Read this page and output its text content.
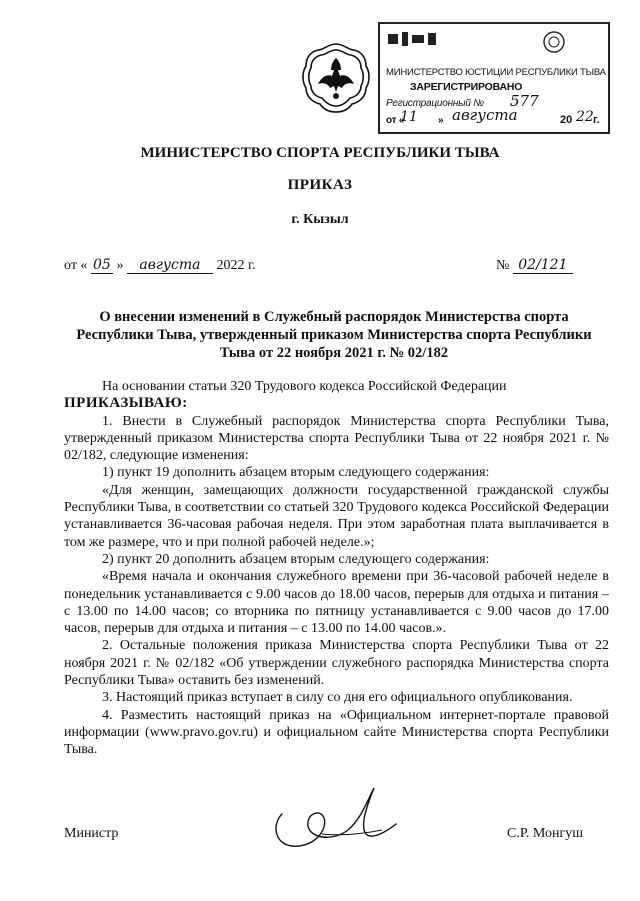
МИНИСТЕРСТВО ЮСТИЦИИ РЕСПУБЛИКИ ТЫВА
ЗАРЕГИСТРИРОВАНО
Регистрационный № 577
от «
11 » августа	20 22 г.
МИНИСТЕРСТВО СПОРТА РЕСПУБЛИКИ ТЫВА
ПРИКАЗ
г. Кызыл
от « 05 » августа 2022 г.	№ 02/121
О внесении изменений в Служебный распорядок Министерства спорта Республики Тыва, утвержденный приказом Министерства спорта Республики Тыва от 22 ноября 2021 г. № 02/182

На основании статьи 320 Трудового кодекса Российской Федерации

ПРИКАЗЫВАЮ:

1. Внести в Служебный распорядок Министерства спорта Республики Тыва, утвержденный приказом Министерства спорта Республики Тыва от 22 ноября 2021 г. № 02/182, следующие изменения:

1) пункт 19 дополнить абзацем вторым следующего содержания:

«Для женщин, замещающих должности государственной гражданской службы Республики Тыва, в соответствии со статьей 320 Трудового кодекса Российской Федерации устанавливается 36-часовая рабочая неделя. При этом заработная плата выплачивается в том же размере, что и при полной рабочей неделе.»;

2) пункт 20 дополнить абзацем вторым следующего содержания:

«Время начала и окончания служебного времени при 36-часовой рабочей неделе в понедельник устанавливается с 9.00 часов до 18.00 часов, перерыв для отдыха и питания – с 13.00 по 14.00 часов; со вторника по пятницу устанавливается с 9.00 часов до 17.00 часов, перерыв для отдыха и питания – с 13.00 по 14.00 часов.».

2. Остальные положения приказа Министерства спорта Республики Тыва от 22 ноября 2021 г. № 02/182 «Об утверждении служебного распорядка Министерства спорта Республики Тыва» оставить без изменений.

3. Настоящий приказ вступает в силу со дня его официального опубликования.

4. Разместить настоящий приказ на «Официальном интернет-портале правовой информации (www.pravo.gov.ru) и официальном сайте Министерства спорта Республики Тыва.

Министр	С.Р. Монгуш
